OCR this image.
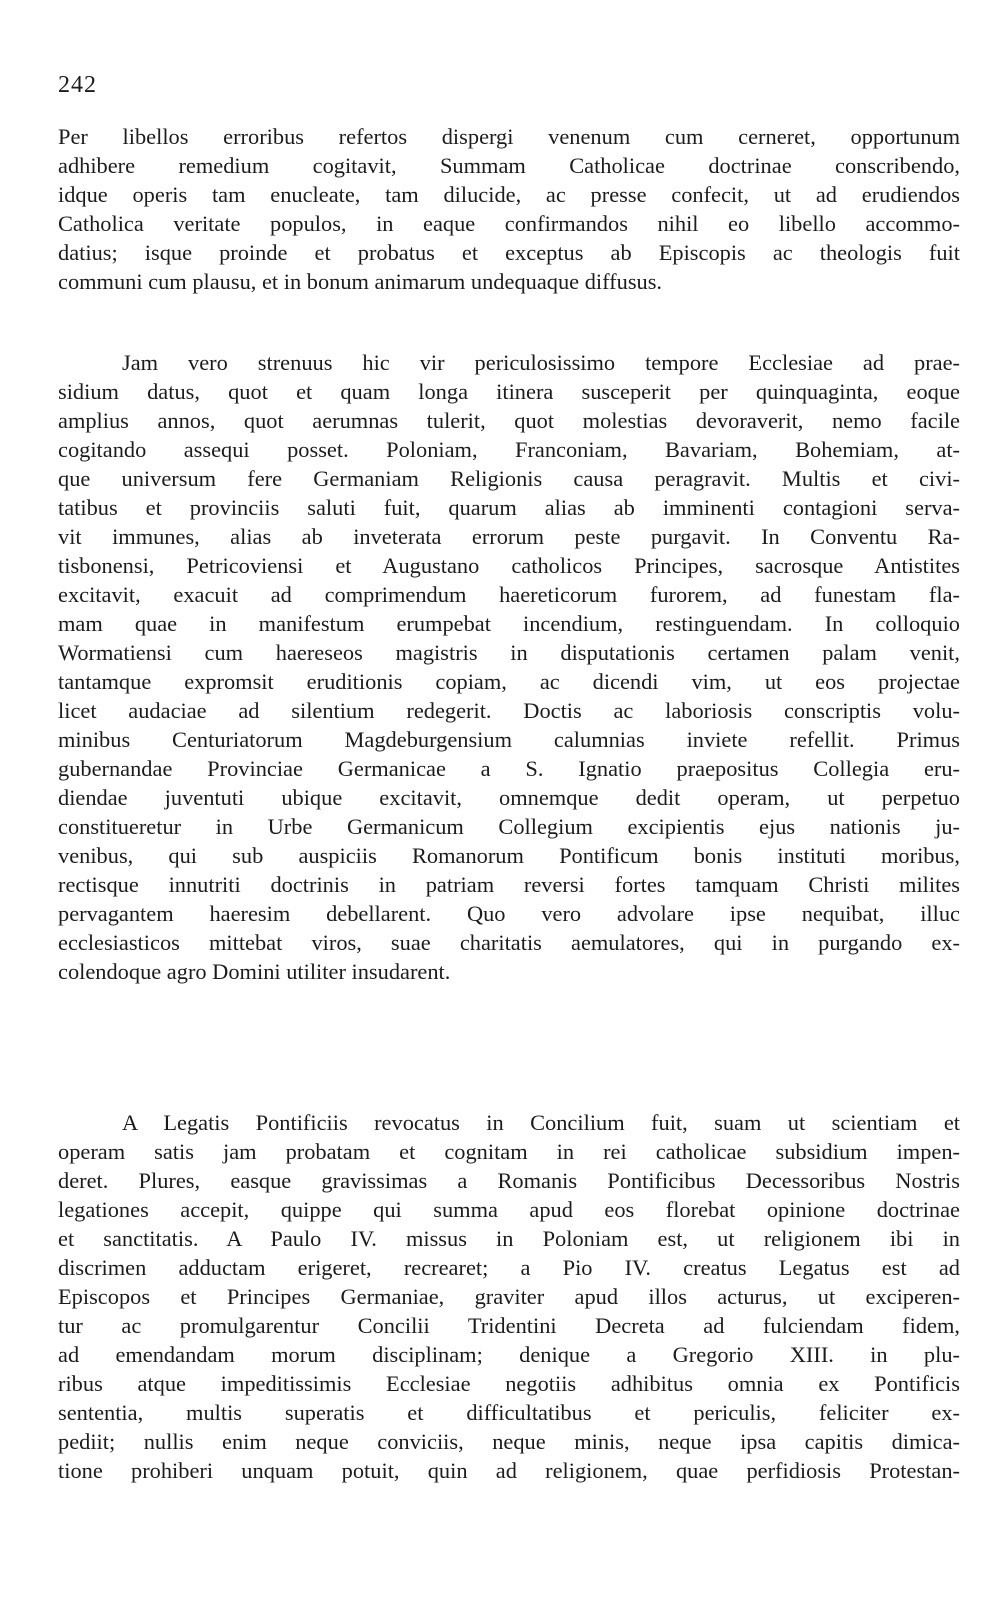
242
Per libellos erroribus refertos dispergi venenum cum cerneret, opportunum
adhibere remedium cogitavit, Summam Catholicae doctrinae conscribendo,
idque operis tam enucleate, tam dilucide, ac presse confecit, ut ad erudiendos
Catholica veritate populos, in eaque confirmandos nihil eo libello accommo-
datius; isque proinde et probatus et exceptus ab Episcopis ac theologis fuit
communi cum plausu, et in bonum animarum undequaque diffusus.
Jam vero strenuus hic vir periculosissimo tempore Ecclesiae ad prae-
sidium datus, quot et quam longa itinera susceperit per quinquaginta, eoque
amplius annos, quot aerumnas tulerit, quot molestias devoraverit, nemo facile
cogitando assequi posset. Poloniam, Franconiam, Bavariam, Bohemiam, at-
que universum fere Germaniam Religionis causa peragravit. Multis et civi-
tatibus et provinciis saluti fuit, quarum alias ab imminenti contagioni serva-
vit immunes, alias ab inveterata errorum peste purgavit. In Conventu Ra-
tisbonensi, Petricoviensi et Augustano catholicos Principes, sacrosque Antistites
excitavit, exacuit ad comprimendum haereticorum furorem, ad funestam fla-
mam quae in manifestum erumpebat incendium, restinguendam. In colloquio
Wormatiensi cum haereseos magistris in disputationis certamen palam venit,
tantamque expromsit eruditionis copiam, ac dicendi vim, ut eos projectae
licet audaciae ad silentium redegerit. Doctis ac laboriosis conscriptis volu-
minibus Centuriatorum Magdeburgensium calumnias inviete refellit. Primus
gubernandae Provinciae Germanicae a S. Ignatio praepositus Collegia eru-
diendae juventuti ubique excitavit, omnemque dedit operam, ut perpetuo
constitueretur in Urbe Germanicum Collegium excipientis ejus nationis ju-
venibus, qui sub auspiciis Romanorum Pontificum bonis instituti moribus,
rectisque innutriti doctrinis in patriam reversi fortes tamquam Christi milites
pervagantem haeresim debellarent. Quo vero advolare ipse nequibat, illuc
ecclesiasticos mittebat viros, suae charitatis aemulatores, qui in purgando ex-
colendoque agro Domini utiliter insudarent.
A Legatis Pontificiis revocatus in Concilium fuit, suam ut scientiam et
operam satis jam probatam et cognitam in rei catholicae subsidium impen-
deret. Plures, easque gravissimas a Romanis Pontificibus Decessoribus Nostris
legationes accepit, quippe qui summa apud eos florebat opinione doctrinae
et sanctitatis. A Paulo IV. missus in Poloniam est, ut religionem ibi in
discrimen adductam erigeret, recrearet; a Pio IV. creatus Legatus est ad
Episcopos et Principes Germaniae, graviter apud illos acturus, ut exciperen-
tur ac promulgarentur Concilii Tridentini Decreta ad fulciendam fidem,
ad emendandam morum disciplinam; denique a Gregorio XIII. in plu-
ribus atque impeditissimis Ecclesiae negotiis adhibitus omnia ex Pontificis
sententia, multis superatis et difficultatibus et periculis, feliciter ex-
pediit; nullis enim neque conviciis, neque minis, neque ipsa capitis dimica-
tione prohiberi unquam potuit, quin ad religionem, quae perfidiosis Protestan-
